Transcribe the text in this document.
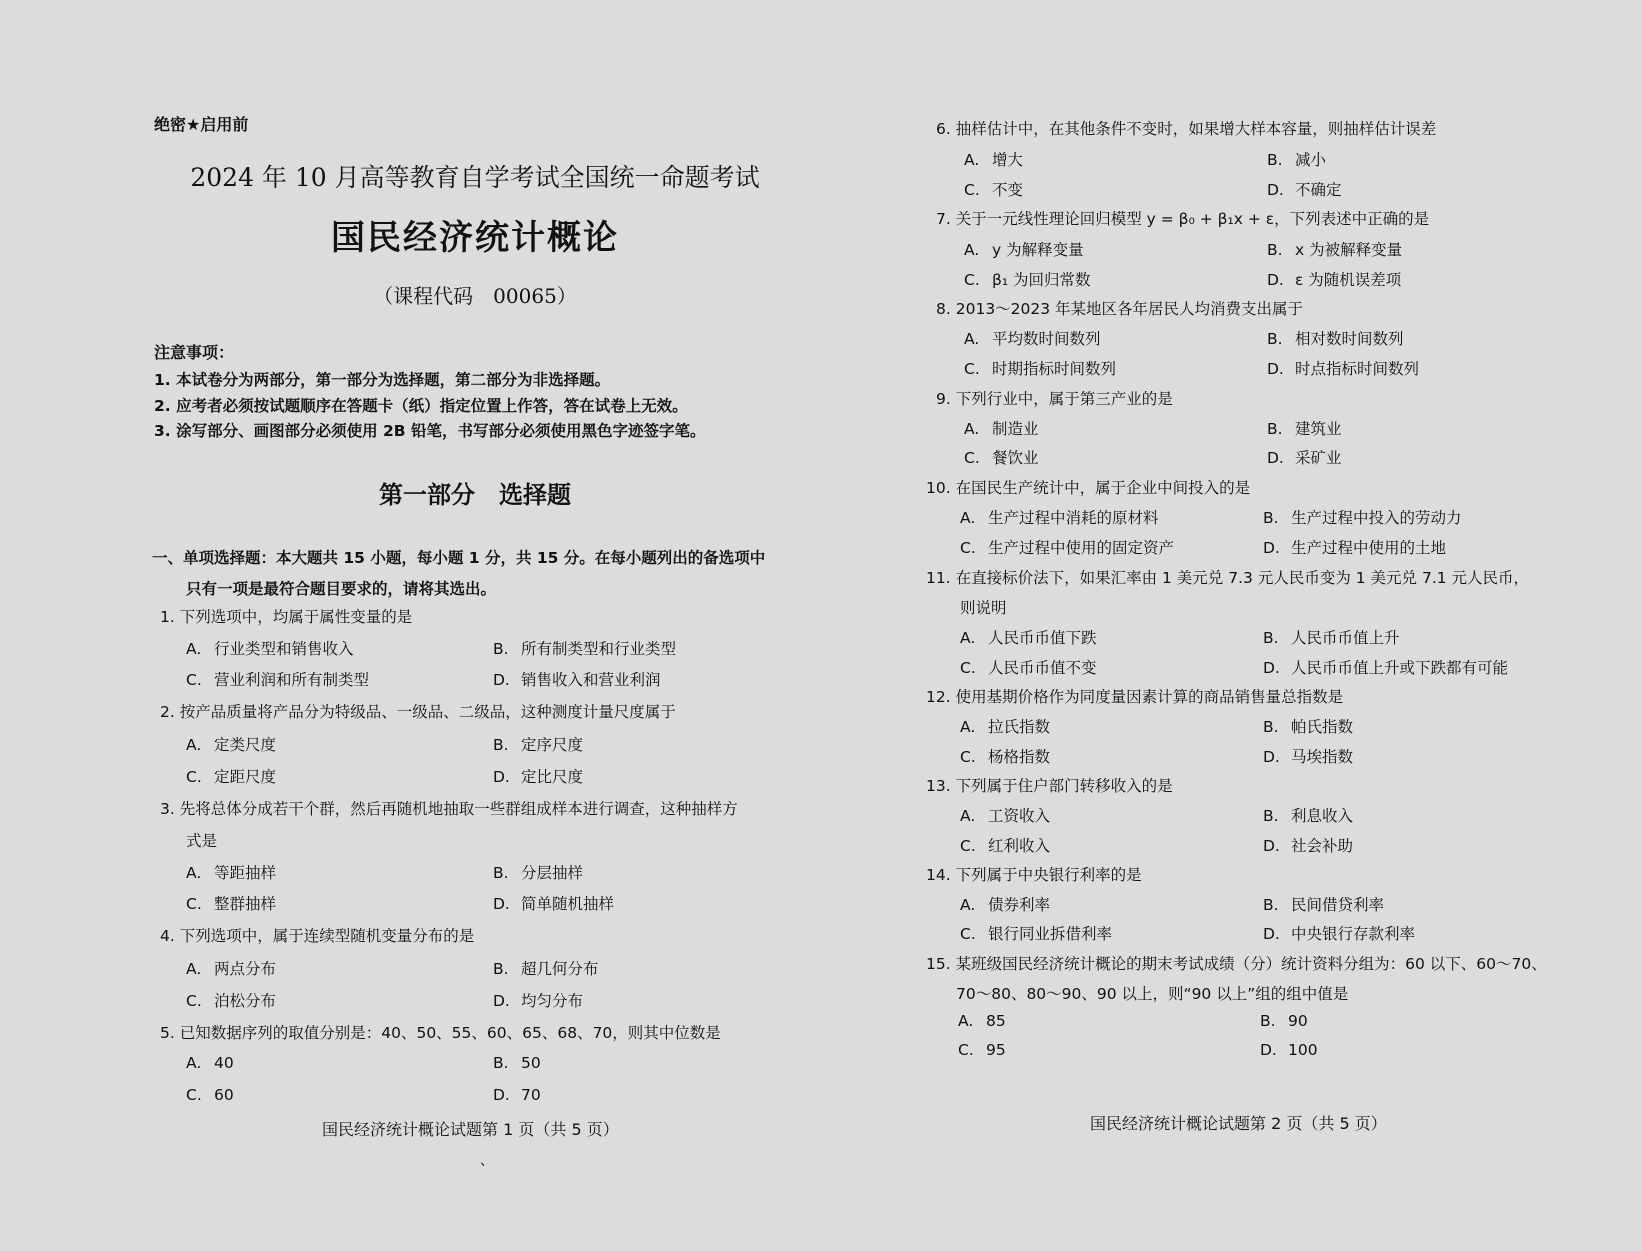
绝密★启用前
2024 年 10 月高等教育自学考试全国统一命题考试
国民经济统计概论
（课程代码　00065）
注意事项：
1. 本试卷分为两部分，第一部分为选择题，第二部分为非选择题。
2. 应考者必须按试题顺序在答题卡（纸）指定位置上作答，答在试卷上无效。
3. 涂写部分、画图部分必须使用 2B 铅笔，书写部分必须使用黑色字迹签字笔。
第一部分　选择题
一、单项选择题：本大题共 15 小题，每小题 1 分，共 15 分。在每小题列出的备选项中
只有一项是最符合题目要求的，请将其选出。
1. 下列选项中，均属于属性变量的是
A. 行业类型和销售收入	B. 所有制类型和行业类型
C. 营业利润和所有制类型	D. 销售收入和营业利润
2. 按产品质量将产品分为特级品、一级品、二级品，这种测度计量尺度属于
A. 定类尺度	B. 定序尺度
C. 定距尺度	D. 定比尺度
3. 先将总体分成若干个群，然后再随机地抽取一些群组成样本进行调查，这种抽样方
式是
A. 等距抽样	B. 分层抽样
C. 整群抽样	D. 简单随机抽样
4. 下列选项中，属于连续型随机变量分布的是
A. 两点分布	B. 超几何分布
C. 泊松分布	D. 均匀分布
5. 已知数据序列的取值分别是：40、50、55、60、65、68、70，则其中位数是
A. 40	B. 50
C. 60	D. 70
国民经济统计概论试题第 1 页（共 5 页）
、
6. 抽样估计中，在其他条件不变时，如果增大样本容量，则抽样估计误差
A. 增大	B. 减小
C. 不变	D. 不确定
7. 关于一元线性理论回归模型 y = β₀ + β₁x + ε，下列表述中正确的是
A. y 为解释变量	B. x 为被解释变量
C. β₁ 为回归常数	D. ε 为随机误差项
8. 2013～2023 年某地区各年居民人均消费支出属于
A. 平均数时间数列	B. 相对数时间数列
C. 时期指标时间数列	D. 时点指标时间数列
9. 下列行业中，属于第三产业的是
A. 制造业	B. 建筑业
C. 餐饮业	D. 采矿业
10. 在国民生产统计中，属于企业中间投入的是
A. 生产过程中消耗的原材料	B. 生产过程中投入的劳动力
C. 生产过程中使用的固定资产	D. 生产过程中使用的土地
11. 在直接标价法下，如果汇率由 1 美元兑 7.3 元人民币变为 1 美元兑 7.1 元人民币，
则说明
A. 人民币币值下跌	B. 人民币币值上升
C. 人民币币值不变	D. 人民币币值上升或下跌都有可能
12. 使用基期价格作为同度量因素计算的商品销售量总指数是
A. 拉氏指数	B. 帕氏指数
C. 杨格指数	D. 马埃指数
13. 下列属于住户部门转移收入的是
A. 工资收入	B. 利息收入
C. 红利收入	D. 社会补助
14. 下列属于中央银行利率的是
A. 债券利率	B. 民间借贷利率
C. 银行同业拆借利率	D. 中央银行存款利率
15. 某班级国民经济统计概论的期末考试成绩（分）统计资料分组为：60 以下、60～70、
70～80、80～90、90 以上，则“90 以上”组的组中值是
A. 85	B. 90
C. 95	D. 100
国民经济统计概论试题第 2 页（共 5 页）
